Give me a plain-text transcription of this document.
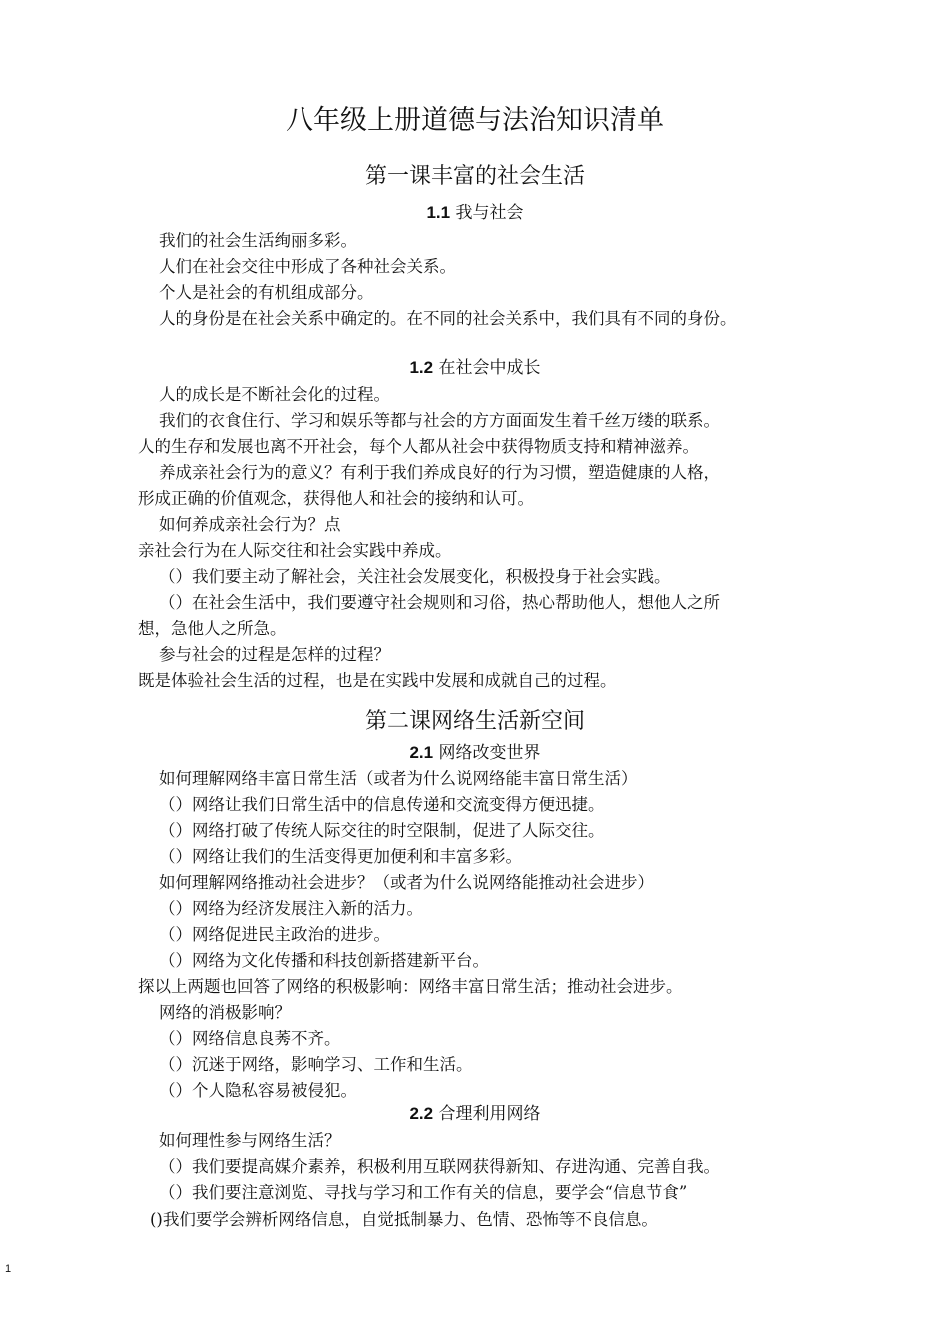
八年级上册道德与法治知识清单
第一课丰富的社会生活
1.1 我与社会

我们的社会生活绚丽多彩。

人们在社会交往中形成了各种社会关系。

个人是社会的有机组成部分。

人的身份是在社会关系中确定的。在不同的社会关系中，我们具有不同的身份。

1.2 在社会中成长

人的成长是不断社会化的过程。

我们的衣食住行、学习和娱乐等都与社会的方方面面发生着千丝万缕的联系。

人的生存和发展也离不开社会，每个人都从社会中获得物质支持和精神滋养。

养成亲社会行为的意义？有利于我们养成良好的行为习惯，塑造健康的人格，

形成正确的价值观念，获得他人和社会的接纳和认可。

如何养成亲社会行为？点

亲社会行为在人际交往和社会实践中养成。

（）我们要主动了解社会，关注社会发展变化，积极投身于社会实践。

（）在社会生活中，我们要遵守社会规则和习俗，热心帮助他人，想他人之所

想，急他人之所急。

参与社会的过程是怎样的过程？

既是体验社会生活的过程，也是在实践中发展和成就自己的过程。

第二课网络生活新空间
2.1 网络改变世界

如何理解网络丰富日常生活（或者为什么说网络能丰富日常生活）

（）网络让我们日常生活中的信息传递和交流变得方便迅捷。

（）网络打破了传统人际交往的时空限制，促进了人际交往。

（）网络让我们的生活变得更加便利和丰富多彩。

如何理解网络推动社会进步？（或者为什么说网络能推动社会进步）

（）网络为经济发展注入新的活力。

（）网络促进民主政治的进步。

（）网络为文化传播和科技创新搭建新平台。

探以上两题也回答了网络的积极影响：网络丰富日常生活；推动社会进步。

网络的消极影响？

（）网络信息良莠不齐。

（）沉迷于网络，影响学习、工作和生活。

（）个人隐私容易被侵犯。

2.2 合理利用网络

如何理性参与网络生活？

（）我们要提高媒介素养，积极利用互联网获得新知、存进沟通、完善自我。

（）我们要注意浏览、寻找与学习和工作有关的信息，要学会“信息节食”

()我们要学会辨析网络信息，自觉抵制暴力、色情、恐怖等不良信息。

1
